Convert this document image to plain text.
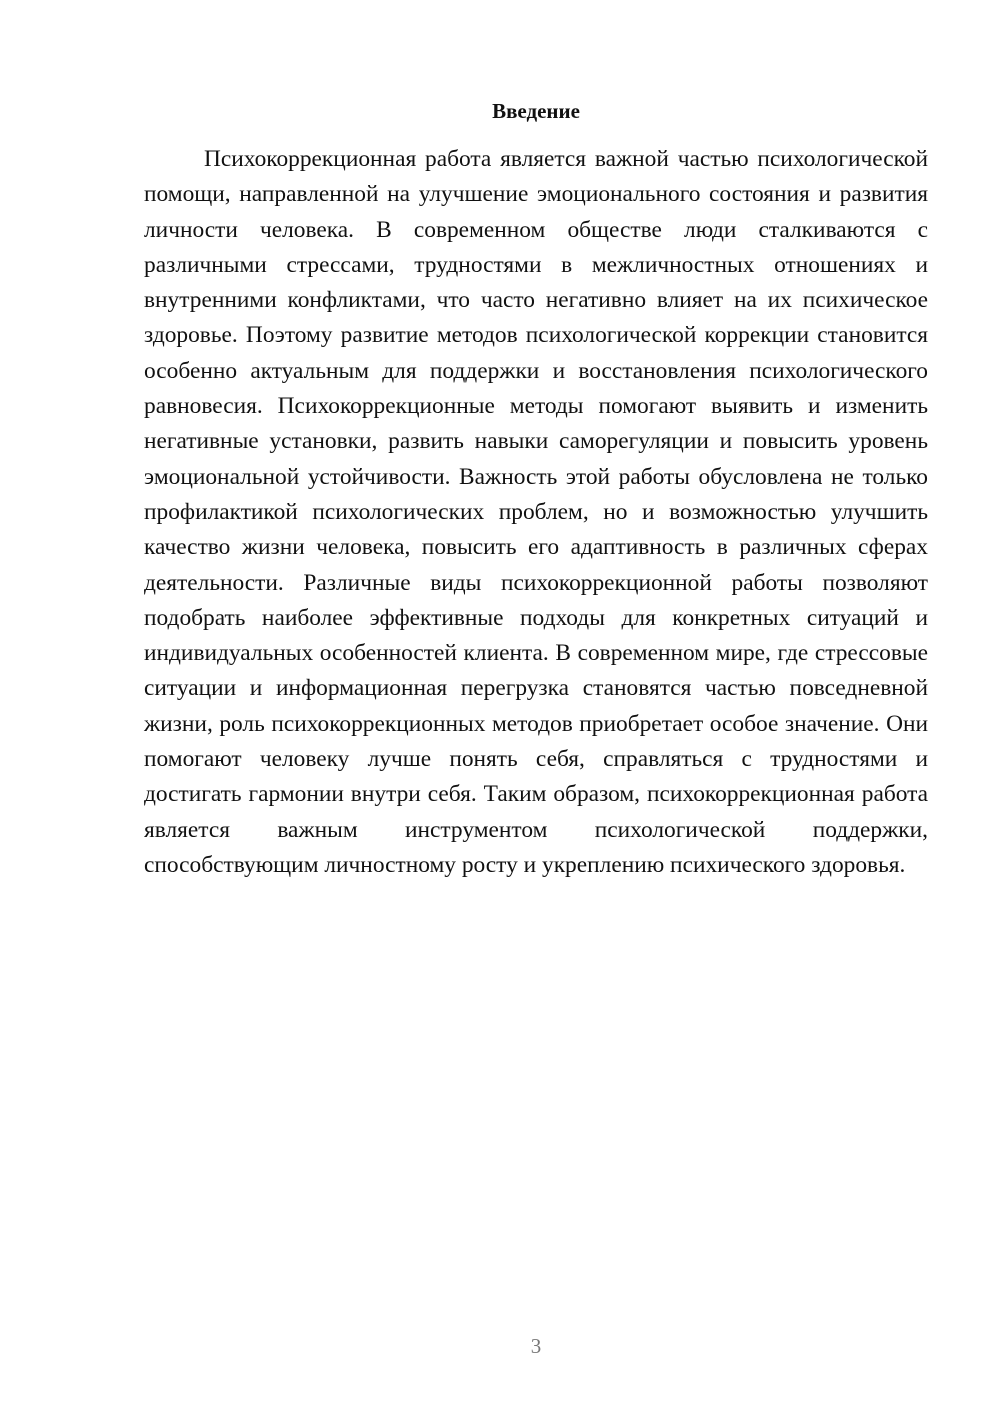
Введение

Психокоррекционная работа является важной частью психологической помощи, направленной на улучшение эмоционального состояния и развития личности человека. В современном обществе люди сталкиваются с различными стрессами, трудностями в межличностных отношениях и внутренними конфликтами, что часто негативно влияет на их психическое здоровье. Поэтому развитие методов психологической коррекции становится особенно актуальным для поддержки и восстановления психологического равновесия. Психокоррекционные методы помогают выявить и изменить негативные установки, развить навыки саморегуляции и повысить уровень эмоциональной устойчивости. Важность этой работы обусловлена не только профилактикой психологических проблем, но и возможностью улучшить качество жизни человека, повысить его адаптивность в различных сферах деятельности. Различные виды психокоррекционной работы позволяют подобрать наиболее эффективные подходы для конкретных ситуаций и индивидуальных особенностей клиента. В современном мире, где стрессовые ситуации и информационная перегрузка становятся частью повседневной жизни, роль психокоррекционных методов приобретает особое значение. Они помогают человеку лучше понять себя, справляться с трудностями и достигать гармонии внутри себя. Таким образом, психокоррекционная работа является важным инструментом психологической поддержки, способствующим личностному росту и укреплению психического здоровья.

3
